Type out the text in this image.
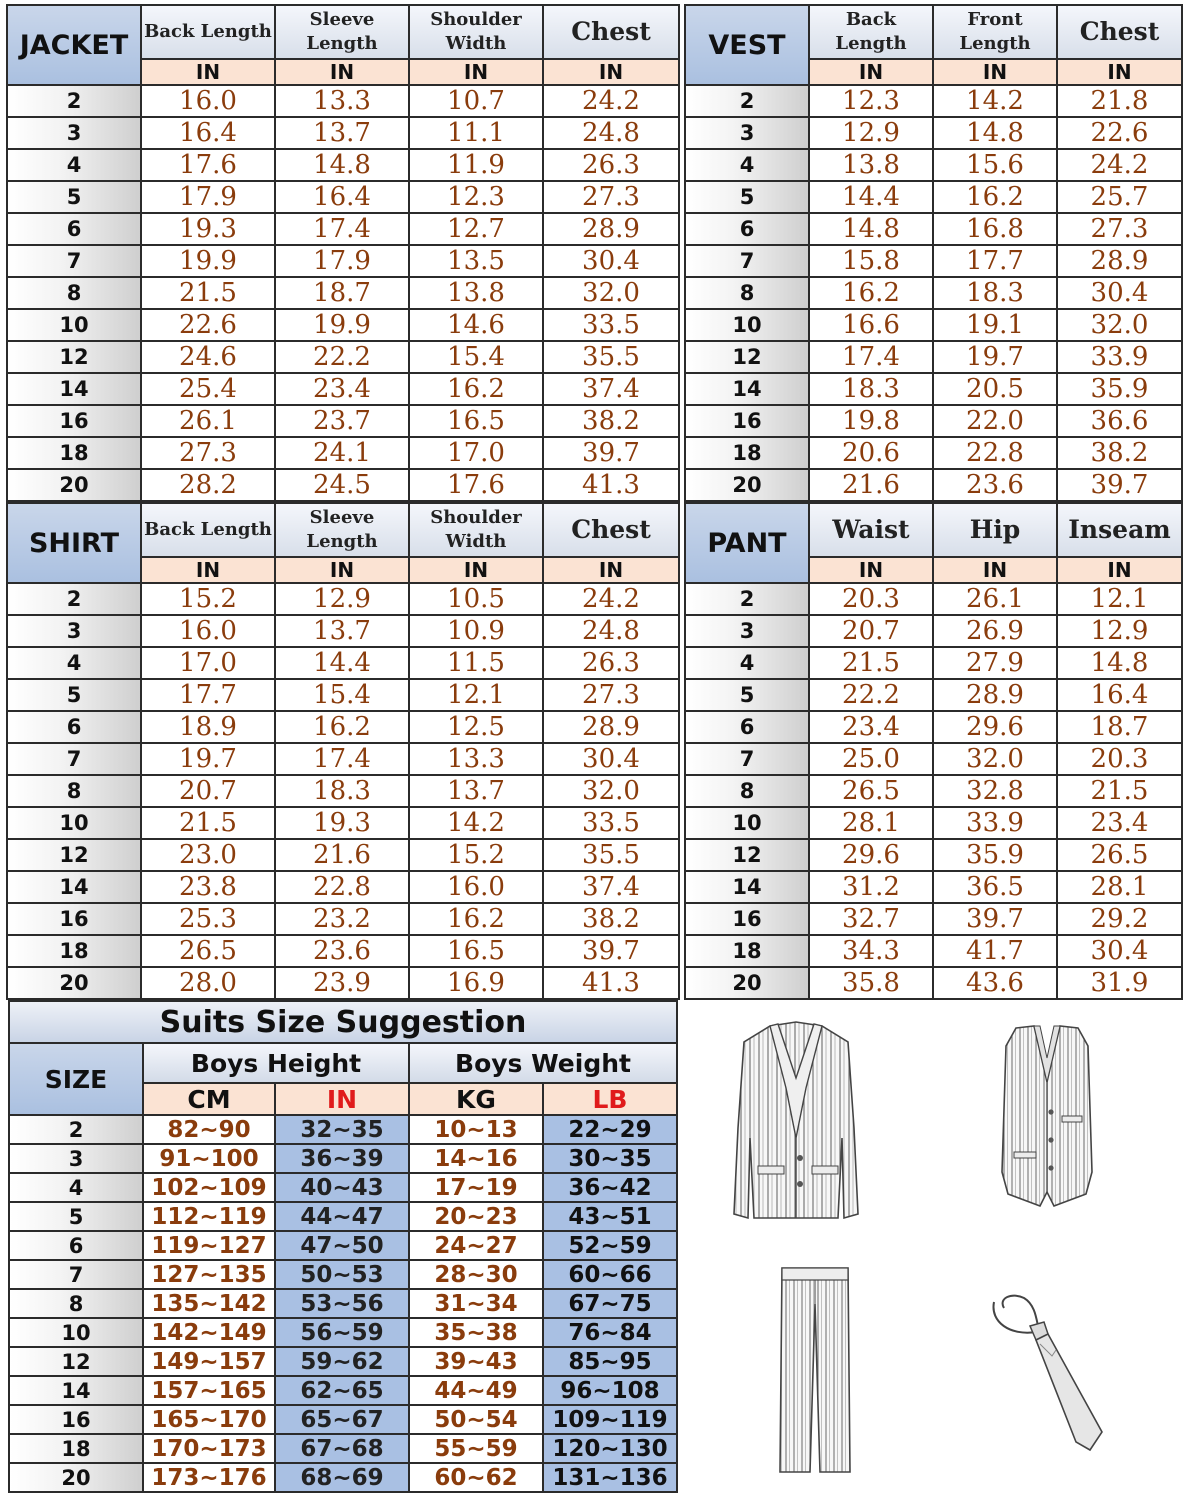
JACKET	Back Length	Sleeve Length	Shoulder Width	Chest
	IN	IN	IN	IN
2	16.0	13.3	10.7	24.2
3	16.4	13.7	11.1	24.8
4	17.6	14.8	11.9	26.3
5	17.9	16.4	12.3	27.3
6	19.3	17.4	12.7	28.9
7	19.9	17.9	13.5	30.4
8	21.5	18.7	13.8	32.0
10	22.6	19.9	14.6	33.5
12	24.6	22.2	15.4	35.5
14	25.4	23.4	16.2	37.4
16	26.1	23.7	16.5	38.2
18	27.3	24.1	17.0	39.7
20	28.2	24.5	17.6	41.3
VEST	Back Length	Front Length	Chest
	IN	IN	IN
2	12.3	14.2	21.8
3	12.9	14.8	22.6
4	13.8	15.6	24.2
5	14.4	16.2	25.7
6	14.8	16.8	27.3
7	15.8	17.7	28.9
8	16.2	18.3	30.4
10	16.6	19.1	32.0
12	17.4	19.7	33.9
14	18.3	20.5	35.9
16	19.8	22.0	36.6
18	20.6	22.8	38.2
20	21.6	23.6	39.7
SHIRT	Back Length	Sleeve Length	Shoulder Width	Chest
	IN	IN	IN	IN
2	15.2	12.9	10.5	24.2
3	16.0	13.7	10.9	24.8
4	17.0	14.4	11.5	26.3
5	17.7	15.4	12.1	27.3
6	18.9	16.2	12.5	28.9
7	19.7	17.4	13.3	30.4
8	20.7	18.3	13.7	32.0
10	21.5	19.3	14.2	33.5
12	23.0	21.6	15.2	35.5
14	23.8	22.8	16.0	37.4
16	25.3	23.2	16.2	38.2
18	26.5	23.6	16.5	39.7
20	28.0	23.9	16.9	41.3
PANT	Waist	Hip	Inseam
	IN	IN	IN
2	20.3	26.1	12.1
3	20.7	26.9	12.9
4	21.5	27.9	14.8
5	22.2	28.9	16.4
6	23.4	29.6	18.7
7	25.0	32.0	20.3
8	26.5	32.8	21.5
10	28.1	33.9	23.4
12	29.6	35.9	26.5
14	31.2	36.5	28.1
16	32.7	39.7	29.2
18	34.3	41.7	30.4
20	35.8	43.6	31.9
Suits Size Suggestion				
SIZE	Boys Height		Boys Weight	
	CM	IN	KG	LB
2	82~90	32~35	10~13	22~29
3	91~100	36~39	14~16	30~35
4	102~109	40~43	17~19	36~42
5	112~119	44~47	20~23	43~51
6	119~127	47~50	24~27	52~59
7	127~135	50~53	28~30	60~66
8	135~142	53~56	31~34	67~75
10	142~149	56~59	35~38	76~84
12	149~157	59~62	39~43	85~95
14	157~165	62~65	44~49	96~108
16	165~170	65~67	50~54	109~119
18	170~173	67~68	55~59	120~130
20	173~176	68~69	60~62	131~136
